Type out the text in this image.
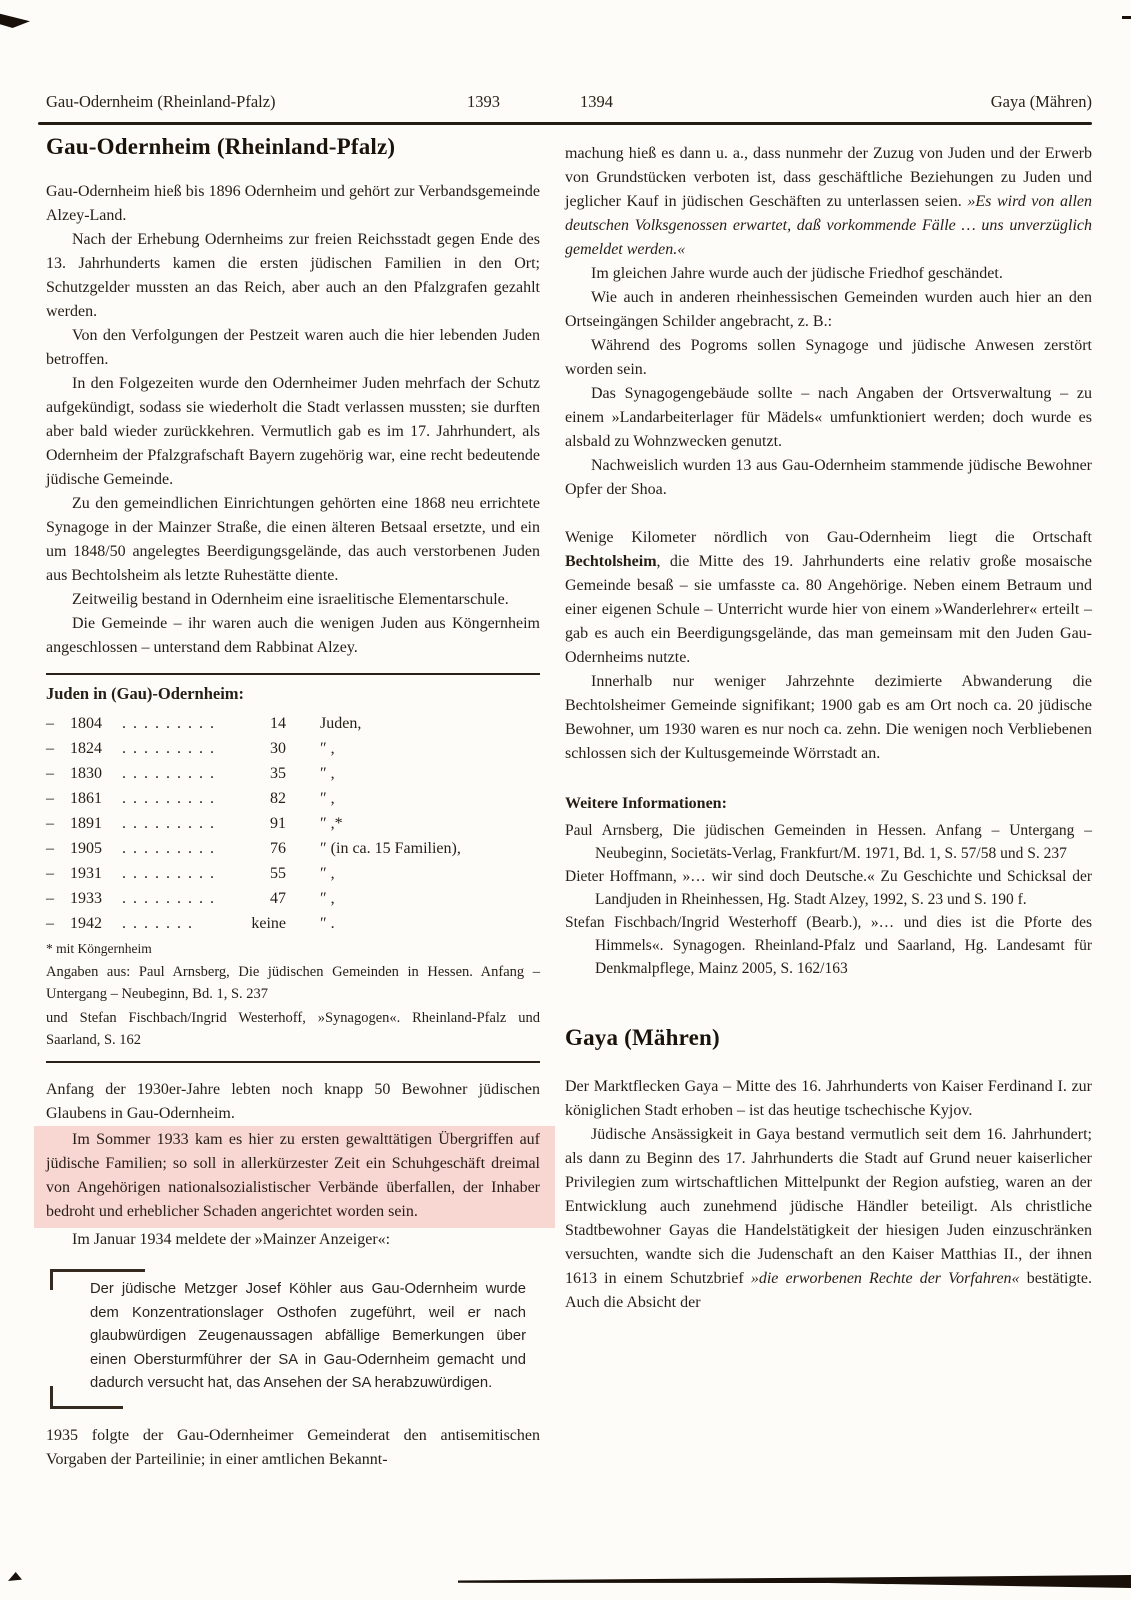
Gau-Odernheim (Rheinland-Pfalz)	1393	1394	Gaya (Mähren)
Gau-Odernheim (Rheinland-Pfalz)

Gau-Odernheim hieß bis 1896 Odernheim und gehört zur Verbandsgemeinde Alzey-Land.

Nach der Erhebung Odernheims zur freien Reichsstadt gegen Ende des 13. Jahrhunderts kamen die ersten jüdischen Familien in den Ort; Schutzgelder mussten an das Reich, aber auch an den Pfalzgrafen gezahlt werden.

Von den Verfolgungen der Pestzeit waren auch die hier lebenden Juden betroffen.

In den Folgezeiten wurde den Odernheimer Juden mehrfach der Schutz aufgekündigt, sodass sie wiederholt die Stadt verlassen mussten; sie durften aber bald wieder zurückkehren. Vermutlich gab es im 17. Jahrhundert, als Odernheim der Pfalzgrafschaft Bayern zugehörig war, eine recht bedeutende jüdische Gemeinde.

Zu den gemeindlichen Einrichtungen gehörten eine 1868 neu errichtete Synagoge in der Mainzer Straße, die einen älteren Betsaal ersetzte, und ein um 1848/50 angelegtes Beerdigungsgelände, das auch verstorbenen Juden aus Bechtolsheim als letzte Ruhestätte diente.

Zeitweilig bestand in Odernheim eine israelitische Elementarschule.

Die Gemeinde – ihr waren auch die wenigen Juden aus Köngernheim angeschlossen – unterstand dem Rabbinat Alzey.

Juden in (Gau)-Odernheim:
–	1804	. . . . . . . . .	14 Juden,
–	1824	. . . . . . . . .	30 ″ ,
–	1830	. . . . . . . . .	35 ″ ,
–	1861	. . . . . . . . .	82 ″ ,
–	1891	. . . . . . . . .	91 ″ ,*
–	1905	. . . . . . . . .	76 ″ (in ca. 15 Familien),
–	1931	. . . . . . . . .	55 ″ ,
–	1933	. . . . . . . . .	47 ″ ,
–	1942	. . . . . . .	keine ″ .
* mit Köngernheim
Angaben aus: Paul Arnsberg, Die jüdischen Gemeinden in Hessen. Anfang – Untergang – Neubeginn, Bd. 1, S. 237
und Stefan Fischbach/Ingrid Westerhoff, »Synagogen«. Rheinland-Pfalz und Saarland, S. 162

Anfang der 1930er-Jahre lebten noch knapp 50 Bewohner jüdischen Glaubens in Gau-Odernheim.

Im Sommer 1933 kam es hier zu ersten gewalttätigen Übergriffen auf jüdische Familien; so soll in allerkürzester Zeit ein Schuhgeschäft dreimal von Angehörigen nationalsozialistischer Verbände überfallen, der Inhaber bedroht und erheblicher Schaden angerichtet worden sein.

Im Januar 1934 meldete der »Mainzer Anzeiger«:

Der jüdische Metzger Josef Köhler aus Gau-Odernheim wurde dem Konzentrationslager Osthofen zugeführt, weil er nach glaubwürdigen Zeugenaussagen abfällige Bemerkungen über einen Obersturmführer der SA in Gau-Odernheim gemacht und dadurch versucht hat, das Ansehen der SA herabzuwürdigen.

1935 folgte der Gau-Odernheimer Gemeinderat den antisemitischen Vorgaben der Parteilinie; in einer amtlichen Bekannt-

machung hieß es dann u. a., dass nunmehr der Zuzug von Juden und der Erwerb von Grundstücken verboten ist, dass geschäftliche Beziehungen zu Juden und jeglicher Kauf in jüdischen Geschäften zu unterlassen seien. »Es wird von allen deutschen Volksgenossen erwartet, daß vorkommende Fälle … uns unverzüglich gemeldet werden.«

Im gleichen Jahre wurde auch der jüdische Friedhof geschändet.

Wie auch in anderen rheinhessischen Gemeinden wurden auch hier an den Ortseingängen Schilder angebracht, z. B.:

Während des Pogroms sollen Synagoge und jüdische Anwesen zerstört worden sein.

Das Synagogengebäude sollte – nach Angaben der Ortsverwaltung – zu einem »Landarbeiterlager für Mädels« umfunktioniert werden; doch wurde es alsbald zu Wohnzwecken genutzt.

Nachweislich wurden 13 aus Gau-Odernheim stammende jüdische Bewohner Opfer der Shoa.

Wenige Kilometer nördlich von Gau-Odernheim liegt die Ortschaft Bechtolsheim, die Mitte des 19. Jahrhunderts eine relativ große mosaische Gemeinde besaß – sie umfasste ca. 80 Angehörige. Neben einem Betraum und einer eigenen Schule – Unterricht wurde hier von einem »Wanderlehrer« erteilt – gab es auch ein Beerdigungsgelände, das man gemeinsam mit den Juden Gau-Odernheims nutzte.

Innerhalb nur weniger Jahrzehnte dezimierte Abwanderung die Bechtolsheimer Gemeinde signifikant; 1900 gab es am Ort noch ca. 20 jüdische Bewohner, um 1930 waren es nur noch ca. zehn. Die wenigen noch Verbliebenen schlossen sich der Kultusgemeinde Wörrstadt an.

Weitere Informationen:

Paul Arnsberg, Die jüdischen Gemeinden in Hessen. Anfang – Untergang – Neubeginn, Societäts-Verlag, Frankfurt/M. 1971, Bd. 1, S. 57/58 und S. 237

Dieter Hoffmann, »… wir sind doch Deutsche.« Zu Geschichte und Schicksal der Landjuden in Rheinhessen, Hg. Stadt Alzey, 1992, S. 23 und S. 190 f.

Stefan Fischbach/Ingrid Westerhoff (Bearb.), »… und dies ist die Pforte des Himmels«. Synagogen. Rheinland-Pfalz und Saarland, Hg. Landesamt für Denkmalpflege, Mainz 2005, S. 162/163

Gaya (Mähren)

Der Marktflecken Gaya – Mitte des 16. Jahrhunderts von Kaiser Ferdinand I. zur königlichen Stadt erhoben – ist das heutige tschechische Kyjov.

Jüdische Ansässigkeit in Gaya bestand vermutlich seit dem 16. Jahrhundert; als dann zu Beginn des 17. Jahrhunderts die Stadt auf Grund neuer kaiserlicher Privilegien zum wirtschaftlichen Mittelpunkt der Region aufstieg, waren an der Entwicklung auch zunehmend jüdische Händler beteiligt. Als christliche Stadtbewohner Gayas die Handelstätigkeit der hiesigen Juden einzuschränken versuchten, wandte sich die Judenschaft an den Kaiser Matthias II., der ihnen 1613 in einem Schutzbrief »die erworbenen Rechte der Vorfahren« bestätigte. Auch die Absicht der
